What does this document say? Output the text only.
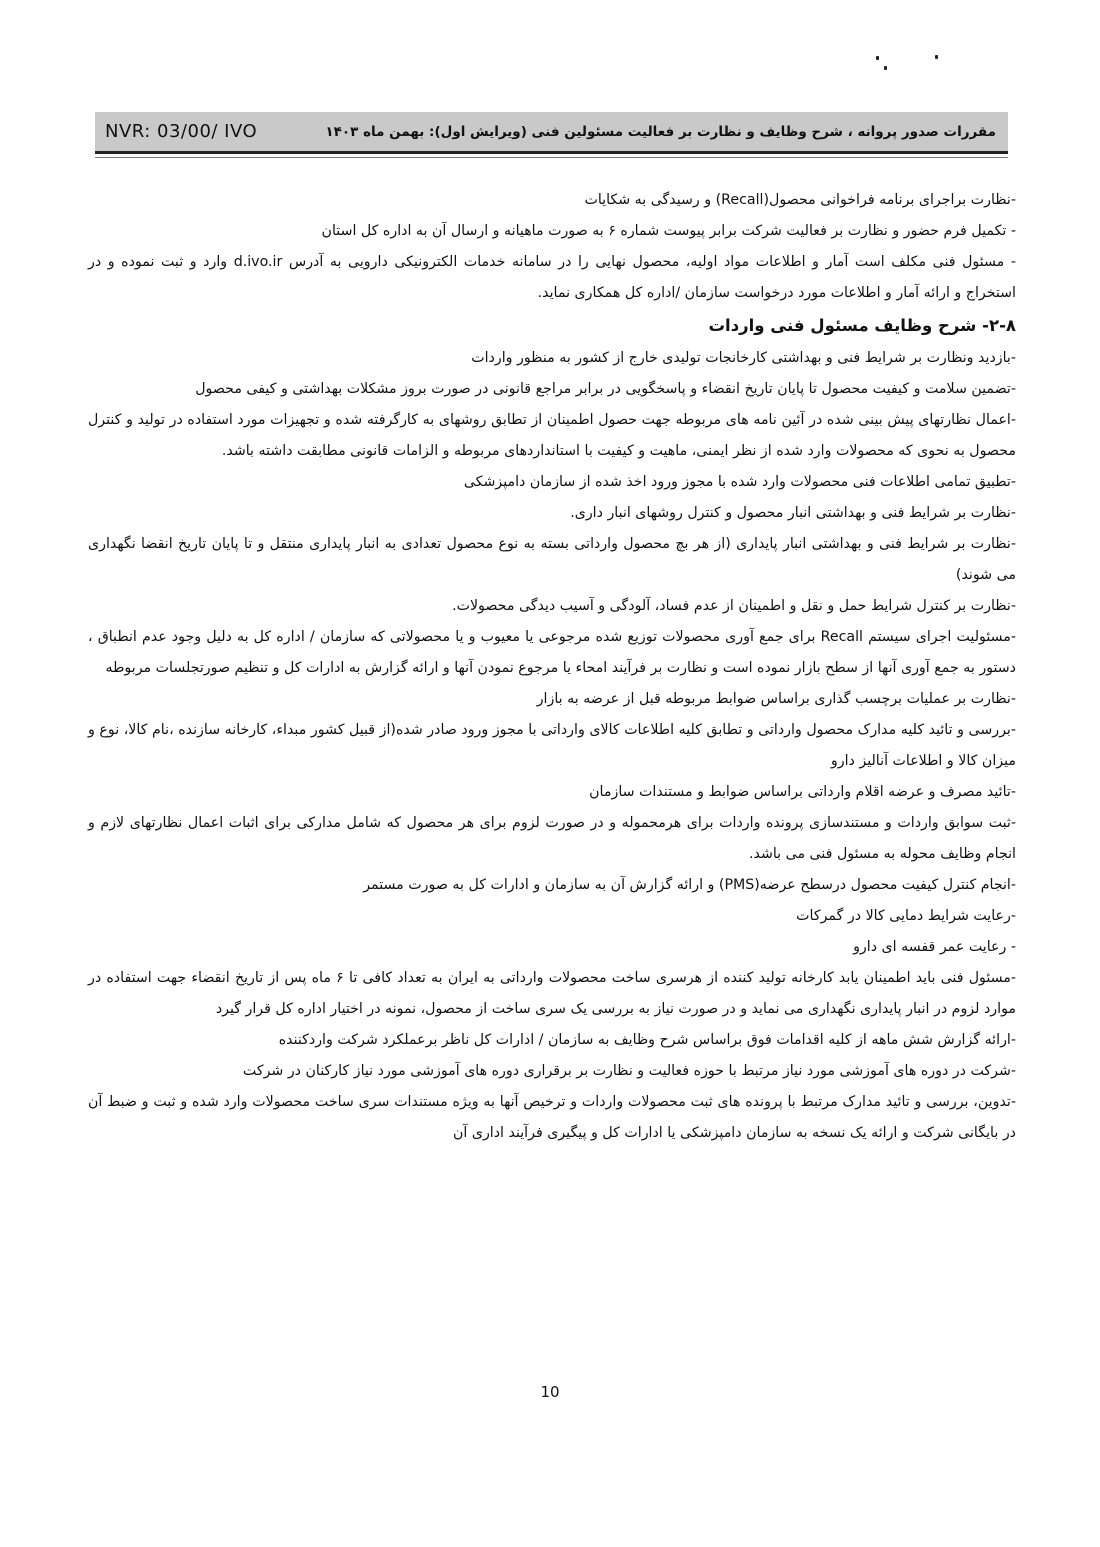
NVR: 03/00/ IVO	مقررات صدور پروانه ، شرح وظایف و نظارت بر فعالیت مسئولین فنی (ویرایش اول): بهمن ماه ۱۴۰۳

-نظارت براجرای برنامه فراخوانی محصول(Recall) و رسیدگی به شکایات

- تکمیل فرم حضور و نظارت بر فعالیت شرکت برابر پیوست شماره ۶ به صورت ماهیانه و ارسال آن به اداره کل استان

- مسئول فنی مکلف است آمار و اطلاعات مواد اولیه، محصول نهایی را در سامانه خدمات الکترونیکی دارویی به آدرس d.ivo.ir وارد و ثبت نموده و در استخراج و ارائه آمار و اطلاعات مورد درخواست سازمان /اداره کل همکاری نماید.

۲-۸- شرح وظایف مسئول فنی واردات

-بازدید ونظارت بر شرایط فنی و بهداشتی کارخانجات تولیدی خارج از کشور به منظور واردات

-تضمین سلامت و کیفیت محصول تا پایان تاریخ انقضاء و پاسخگویی در برابر مراجع قانونی در صورت بروز مشکلات بهداشتی و کیفی محصول

-اعمال نظارتهای پیش بینی شده در آئین نامه های مربوطه جهت حصول اطمینان از تطابق روشهای به کارگرفته شده و تجهیزات مورد استفاده در تولید و کنترل محصول به نحوی که محصولات وارد شده از نظر ایمنی، ماهیت و کیفیت با استانداردهای مربوطه و الزامات قانونی مطابقت داشته باشد.

-تطبیق تمامی اطلاعات فنی محصولات وارد شده با مجوز ورود اخذ شده از سازمان دامپزشکی

-نظارت بر شرایط فنی و بهداشتی انبار محصول و کنترل روشهای انبار داری.

-نظارت بر شرایط فنی و بهداشتی انبار پایداری (از هر بچ محصول وارداتی بسته به نوع محصول تعدادی به انبار پایداری منتقل و تا پایان تاریخ انقضا نگهداری می شوند)

-نظارت بر کنترل شرایط حمل و نقل و اطمینان از عدم فساد، آلودگی و آسیب دیدگی محصولات.

-مسئولیت اجرای سیستم Recall برای جمع آوری محصولات توزیع شده مرجوعی یا معیوب و یا محصولاتی که سازمان / اداره کل به دلیل وجود عدم انطباق ، دستور به جمع آوری آنها از سطح بازار نموده است و نظارت بر فرآیند امحاء یا مرجوع نمودن آنها و ارائه گزارش به ادارات کل و تنظیم صورتجلسات مربوطه

-نظارت بر عملیات برچسب گذاری براساس ضوابط مربوطه قبل از عرضه به بازار

-بررسی و تائید کلیه مدارک محصول وارداتی و تطابق کلیه اطلاعات کالای وارداتی با مجوز ورود صادر شده(از قبیل کشور مبداء، کارخانه سازنده ،نام کالا، نوع و میزان کالا و اطلاعات آنالیز دارو

-تائید مصرف و عرضه اقلام وارداتی براساس ضوابط و مستندات سازمان

-ثبت سوابق واردات و مستندسازی پرونده واردات برای هرمحموله و در صورت لزوم برای هر محصول که شامل مدارکی برای اثبات اعمال نظارتهای لازم و انجام وظایف محوله به مسئول فنی می باشد.

-انجام کنترل کیفیت محصول درسطح عرضه(PMS) و ارائه گزارش آن به سازمان و ادارات کل به صورت مستمر

-رعایت شرایط دمایی کالا در گمرکات

- رعایت عمر قفسه ای دارو

-مسئول فنی باید اطمینان یابد کارخانه تولید کننده از هرسری ساخت محصولات وارداتی به ایران به تعداد کافی تا ۶ ماه پس از تاریخ انقضاء جهت استفاده در موارد لزوم در انبار پایداری نگهداری می نماید و در صورت نیاز به بررسی یک سری ساخت از محصول، نمونه در اختیار اداره کل قرار گیرد

-ارائه گزارش شش ماهه از کلیه اقدامات فوق براساس شرح وظایف به سازمان / ادارات کل ناظر برعملکرد شرکت واردکننده

-شرکت در دوره های آموزشی مورد نیاز مرتبط با حوزه فعالیت و نظارت بر برقراری دوره های آموزشی مورد نیاز کارکنان در شرکت

-تدوین، بررسی و تائید مدارک مرتبط با پرونده های ثبت محصولات واردات و ترخیص آنها به ویژه مستندات سری ساخت محصولات وارد شده و ثبت و ضبط آن در بایگانی شرکت و ارائه یک نسخه به سازمان دامپزشکی یا ادارات کل و پیگیری فرآیند اداری آن

10
